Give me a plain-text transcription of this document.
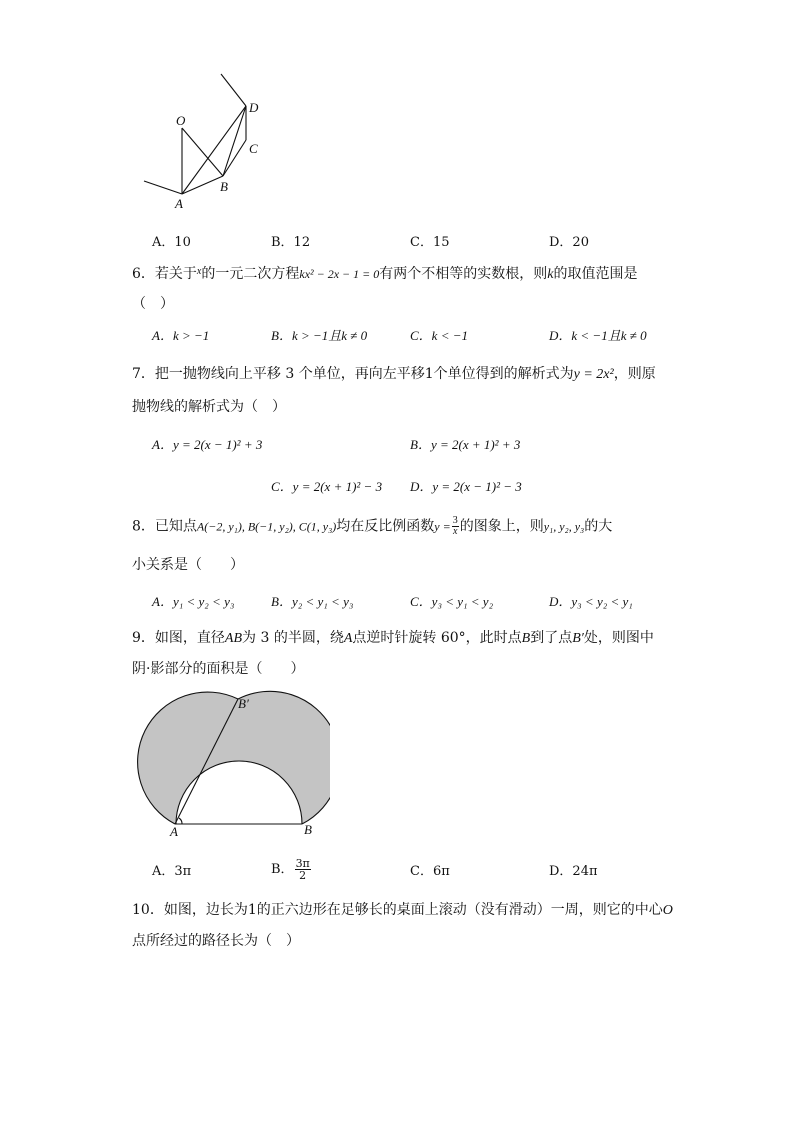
O
D
C
B
A
A．10	B．12	C．15	D．20
6．若关于$^x$的一元二次方程kx² − 2x − 1 = 0有两个不相等的实数根，则k的取值范围是
（　）
A．k > −1	B．k > −1且k ≠ 0	C．k < −1	D．k < −1且k ≠ 0
7．把一抛物线向上平移 3 个单位，再向左平移1个单位得到的解析式为y = 2x²，则原
抛物线的解析式为（　）
A．y = 2(x − 1)² + 3	B．y = 2(x + 1)² + 3
C．y = 2(x + 1)² − 3 D．y = 2(x − 1)² − 3
8．已知点A(−2, y₁), B(−1, y₂), C(1, y₃)均在反比例函数$y = \frac{3}{x}$ 的图象上，则y₁, y₂, y₃的大
小关系是（　　）
A．y₁ < y₂ < y₃	B．y₂ < y₁ < y₃	C．y₃ < y₁ < y₂	D．y₃ < y₂ < y₁
9．如图，直径AB为 3 的半圆，绕A点逆时针旋转 60°，此时点B到了点B′处，则图中
阴·影部分的面积是（　　）
A	B
B′
A．3π	B． $\frac{3\pi}{2}$	C．6π	D．24π
10．如图，边长为1的正六边形在足够长的桌面上滚动（没有滑动）一周，则它的中心O
点所经过的路径长为（　）
